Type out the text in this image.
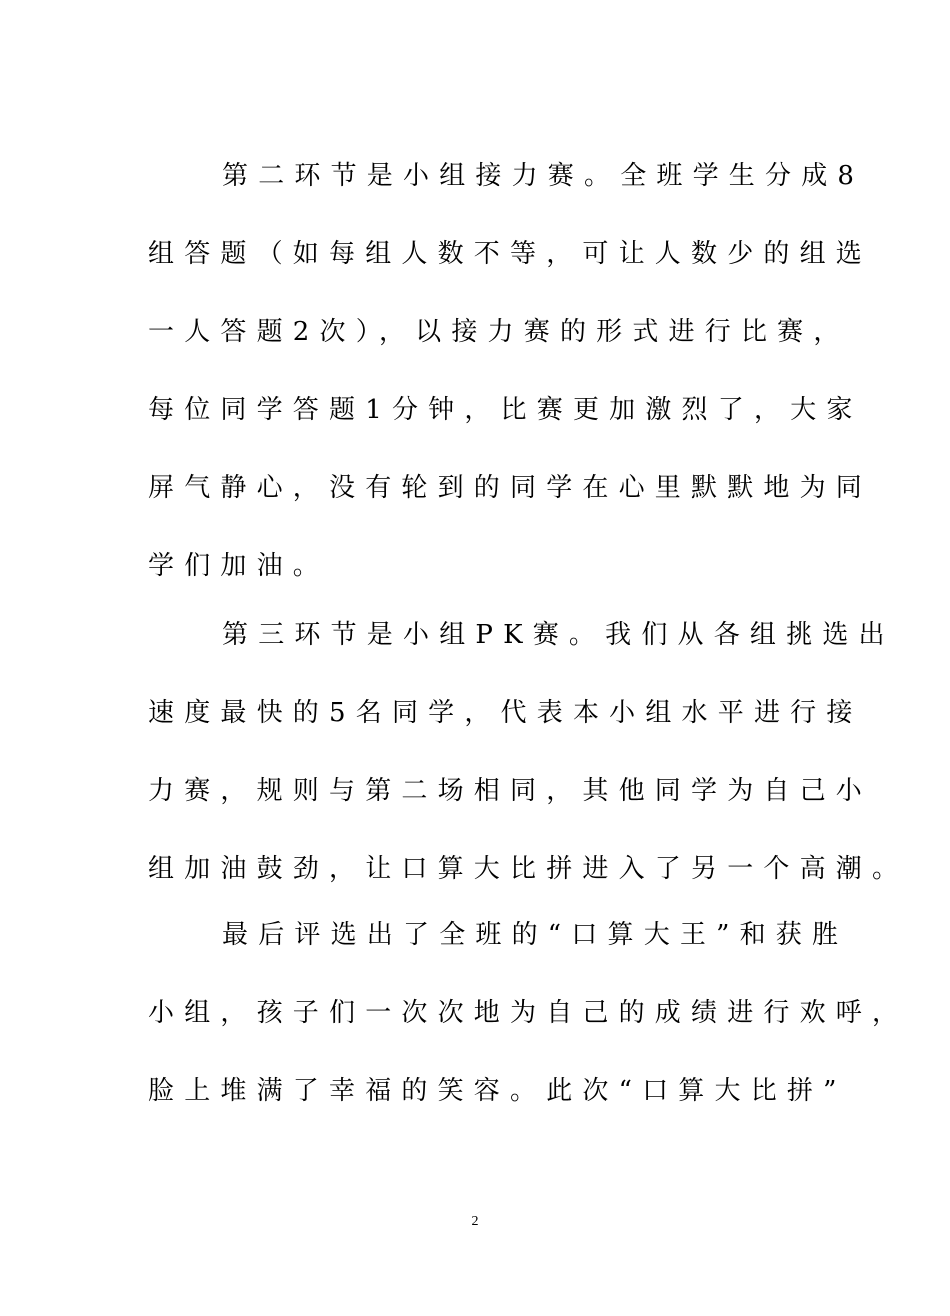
第二环节是小组接力赛。全班学生分成8
组答题（如每组人数不等，可让人数少的组选
一人答题2次），以接力赛的形式进行比赛，
每位同学答题1分钟，比赛更加激烈了，大家
屏气静心，没有轮到的同学在心里默默地为同
学们加油。
第三环节是小组PK赛。我们从各组挑选出
速度最快的5名同学，代表本小组水平进行接
力赛，规则与第二场相同，其他同学为自己小
组加油鼓劲，让口算大比拼进入了另一个高潮。
最后评选出了全班的“口算大王”和获胜
小组，孩子们一次次地为自己的成绩进行欢呼，
脸上堆满了幸福的笑容。此次“口算大比拼”
2
